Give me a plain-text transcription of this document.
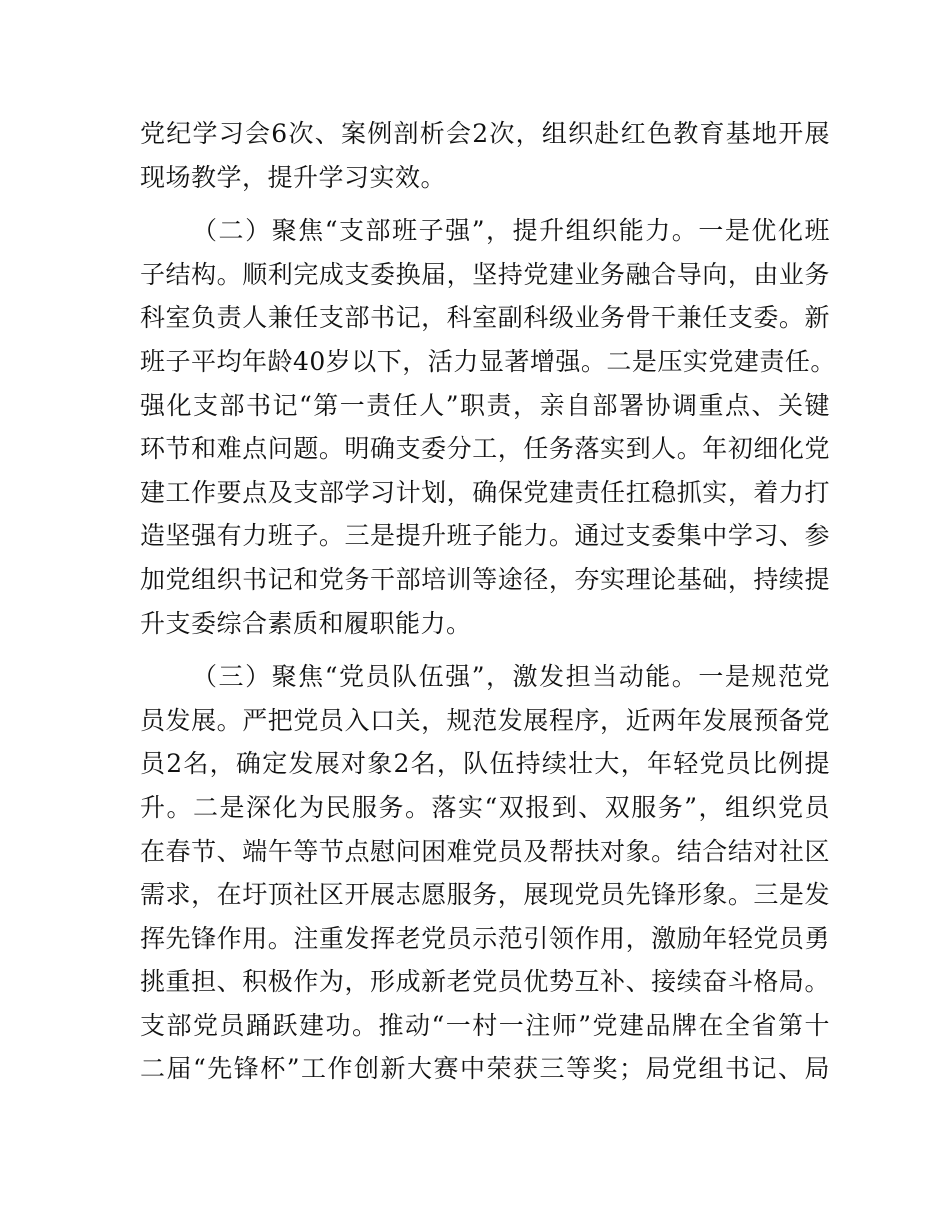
党纪学习会6次、案例剖析会2次，组织赴红色教育基地开展
现场教学，提升学习实效。
（二）聚焦“支部班子强”，提升组织能力。一是优化班
子结构。顺利完成支委换届，坚持党建业务融合导向，由业务
科室负责人兼任支部书记，科室副科级业务骨干兼任支委。新
班子平均年龄40岁以下，活力显著增强。二是压实党建责任。
强化支部书记“第一责任人”职责，亲自部署协调重点、关键
环节和难点问题。明确支委分工，任务落实到人。年初细化党
建工作要点及支部学习计划，确保党建责任扛稳抓实，着力打
造坚强有力班子。三是提升班子能力。通过支委集中学习、参
加党组织书记和党务干部培训等途径，夯实理论基础，持续提
升支委综合素质和履职能力。
（三）聚焦“党员队伍强”，激发担当动能。一是规范党
员发展。严把党员入口关，规范发展程序，近两年发展预备党
员2名，确定发展对象2名，队伍持续壮大，年轻党员比例提
升。二是深化为民服务。落实“双报到、双服务”，组织党员
在春节、端午等节点慰问困难党员及帮扶对象。结合结对社区
需求，在圩顶社区开展志愿服务，展现党员先锋形象。三是发
挥先锋作用。注重发挥老党员示范引领作用，激励年轻党员勇
挑重担、积极作为，形成新老党员优势互补、接续奋斗格局。
支部党员踊跃建功。推动“一村一注师”党建品牌在全省第十
二届“先锋杯”工作创新大赛中荣获三等奖；局党组书记、局
